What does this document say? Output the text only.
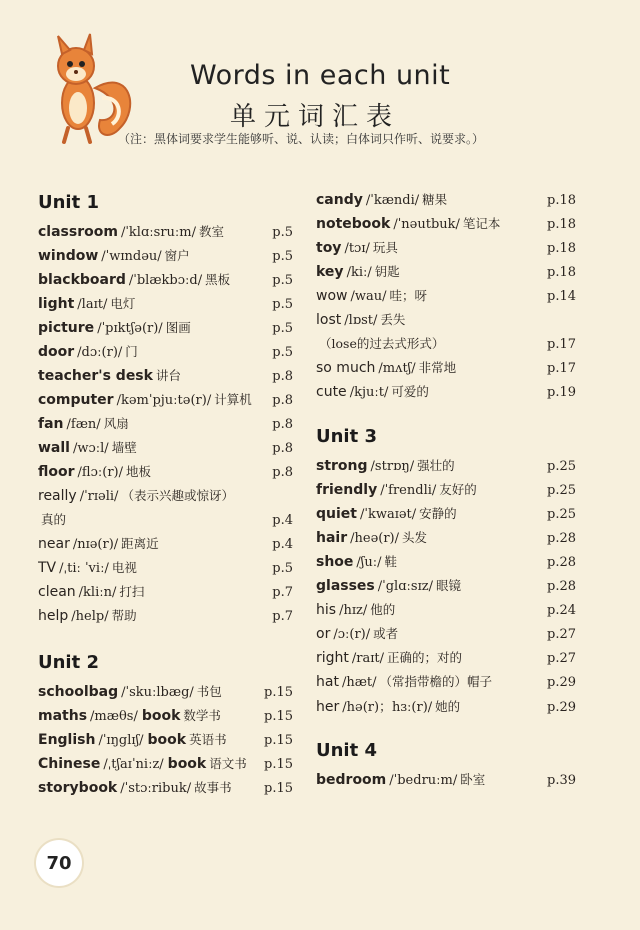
Words in each unit
单元词汇表
（注：黑体词要求学生能够听、说、认读；白体词只作听、说要求。）
Unit 1
classroom /ˈklɑːsruːm/ 教室	p.5
window /ˈwɪndəu/ 窗户	p.5
blackboard /ˈblækbɔːd/ 黑板	p.5
light /laɪt/ 电灯	p.5
picture /ˈpɪktʃə(r)/ 图画	p.5
door /dɔː(r)/ 门	p.5
teacher's desk 讲台	p.8
computer /kəmˈpjuːtə(r)/ 计算机	p.8
fan /fæn/ 风扇	p.8
wall /wɔːl/ 墙壁	p.8
floor /flɔː(r)/ 地板	p.8
really /ˈrɪəli/ （表示兴趣或惊讶）
真的	p.4
near /nɪə(r)/ 距离近	p.4
TV /ˌtiː ˈviː/ 电视	p.5
clean /kliːn/ 打扫	p.7
help /help/ 帮助	p.7
Unit 2
schoolbag /ˈskuːlbæg/ 书包	p.15
maths /mæθs/ book 数学书	p.15
English /ˈɪŋglɪʃ/ book 英语书	p.15
Chinese /ˌtʃaɪˈniːz/ book 语文书	p.15
storybook /ˈstɔːribuk/ 故事书	p.15
candy /ˈkændi/ 糖果	p.18
notebook /ˈnəutbuk/ 笔记本	p.18
toy /tɔɪ/ 玩具	p.18
key /kiː/ 钥匙	p.18
wow /wau/ 哇；呀	p.14
lost /lɒst/ 丢失
（lose的过去式形式）	p.17
so much /mʌtʃ/ 非常地	p.17
cute /kjuːt/ 可爱的	p.19
Unit 3
strong /strɒŋ/ 强壮的	p.25
friendly /ˈfrendli/ 友好的	p.25
quiet /ˈkwaɪət/ 安静的	p.25
hair /heə(r)/ 头发	p.28
shoe /ʃuː/ 鞋	p.28
glasses /ˈglɑːsɪz/ 眼镜	p.28
his /hɪz/ 他的	p.24
or /ɔː(r)/ 或者	p.27
right /raɪt/ 正确的；对的	p.27
hat /hæt/ （常指带檐的）帽子	p.29
her /hə(r)；hɜː(r)/ 她的	p.29
Unit 4
bedroom /ˈbedruːm/ 卧室	p.39
70
